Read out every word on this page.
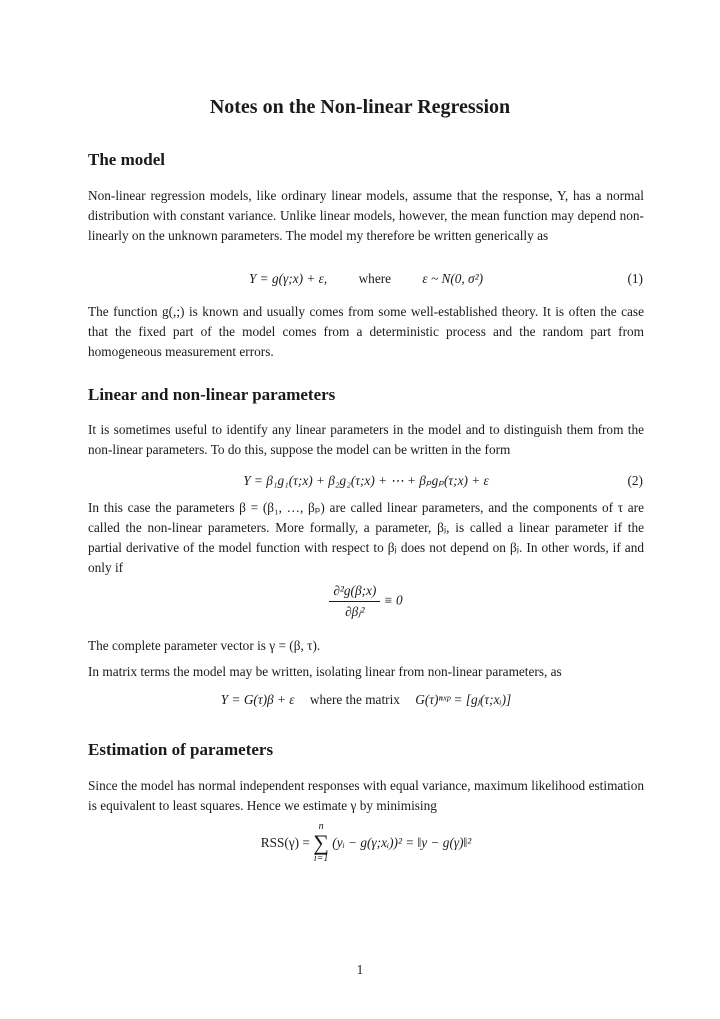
Notes on the Non-linear Regression
The model

Non-linear regression models, like ordinary linear models, assume that the response, Y, has a normal distribution with constant variance. Unlike linear models, however, the mean function may depend non-linearly on the unknown parameters. The model my therefore be written generically as

Y = g(γ;x) + ε, where ε ~ N(0, σ²)	(1)

The function g(,;) is known and usually comes from some well-established theory. It is often the case that the fixed part of the model comes from a deterministic process and the random part from homogeneous measurement errors.

Linear and non-linear parameters

It is sometimes useful to identify any linear parameters in the model and to distinguish them from the non-linear parameters. To do this, suppose the model can be written in the form

Y = β₁g₁(τ;x) + β₂g₂(τ;x) + ⋯ + βₚgₚ(τ;x) + ε	(2)

In this case the parameters β = (β₁, …, βₚ) are called linear parameters, and the components of τ are called the non-linear parameters. More formally, a parameter, βⱼ, is called a linear parameter if the partial derivative of the model function with respect to βⱼ does not depend on βⱼ. In other words, if and only if

$\frac{\text{∂²g(β;x)}}{\text{∂βⱼ²}} \equiv 0$

The complete parameter vector is γ = (β, τ).

In matrix terms the model may be written, isolating linear from non-linear parameters, as

Y = G(τ)β + ε where the matrix G(τ)ⁿˣᵖ = [gⱼ(τ;xᵢ)]
Estimation of parameters

Since the model has normal independent responses with equal variance, maximum likelihood estimation is equivalent to least squares. Hence we estimate γ by minimising

RSS(γ) =
n
∑
i=1
(yᵢ − g(γ;xᵢ))² = ‖y − g(γ)‖²
1
